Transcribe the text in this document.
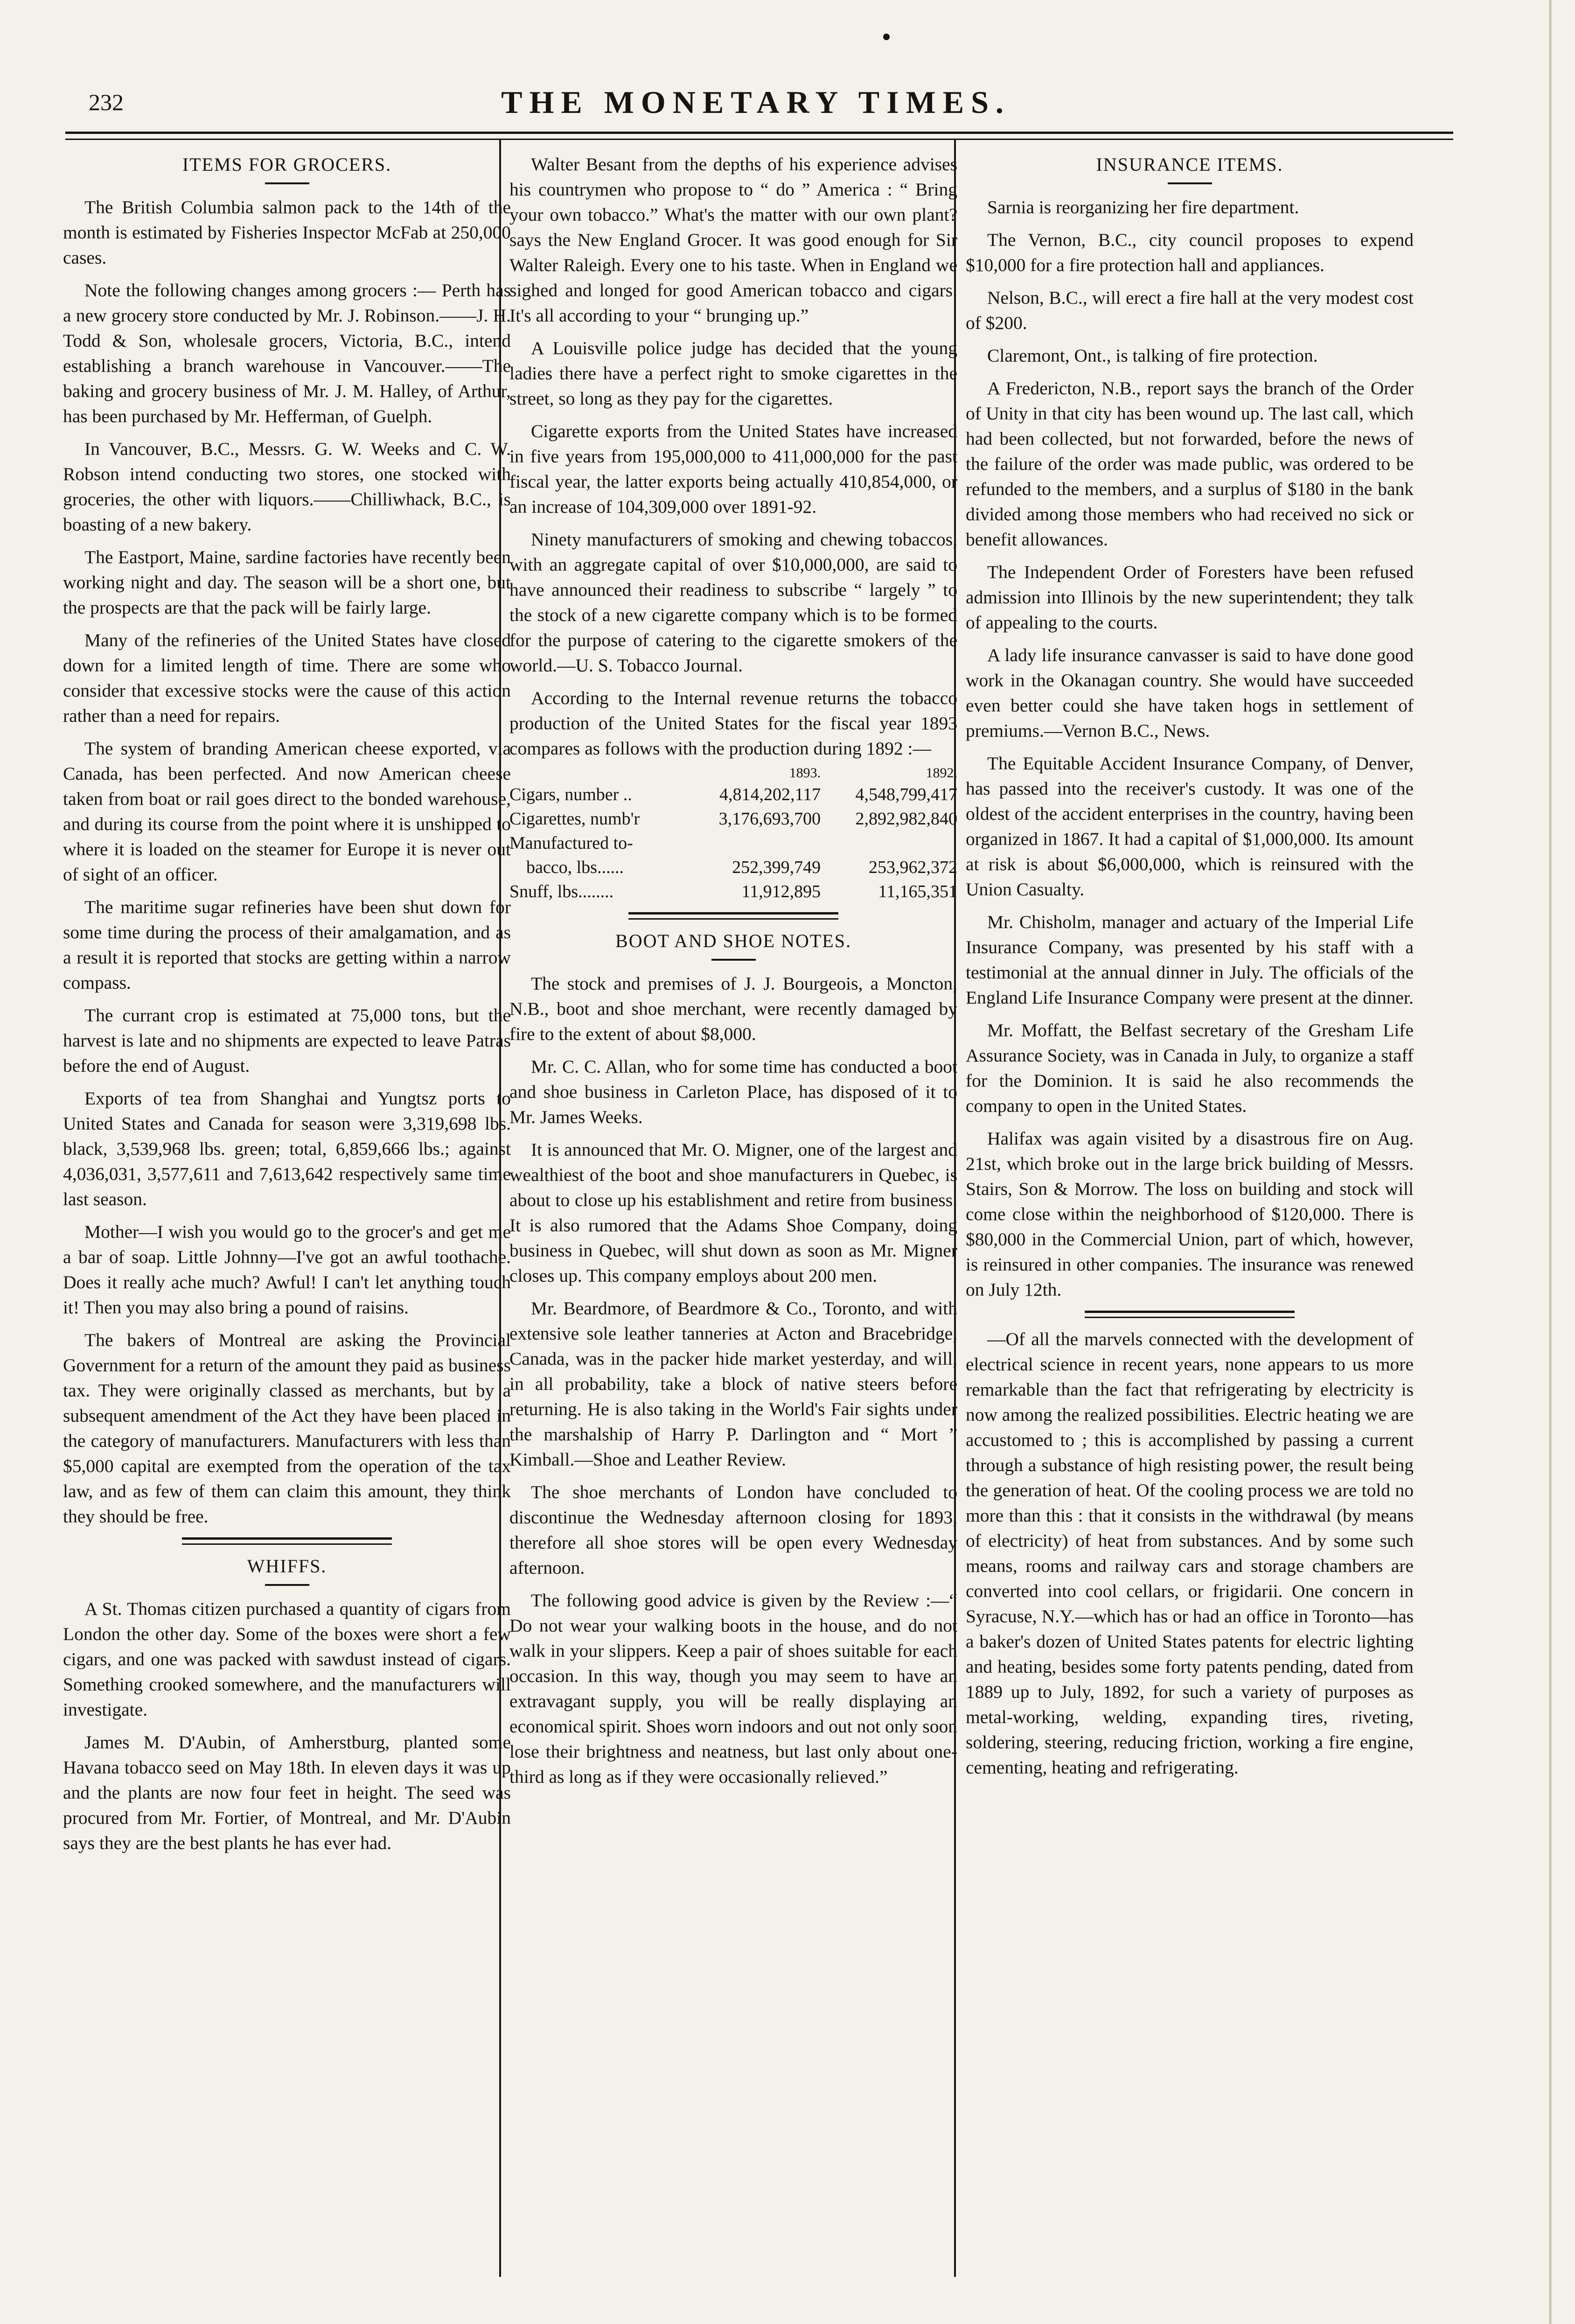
232	THE MONETARY TIMES.
ITEMS FOR GROCERS.

The British Columbia salmon pack to the 14th of the month is estimated by Fisheries Inspector McFab at 250,000 cases.

Note the following changes among grocers :— Perth has a new grocery store conducted by Mr. J. Robinson.——J. H. Todd & Son, wholesale grocers, Victoria, B.C., intend establishing a branch warehouse in Vancouver.——The baking and grocery business of Mr. J. M. Halley, of Arthur, has been purchased by Mr. Hefferman, of Guelph.

In Vancouver, B.C., Messrs. G. W. Weeks and C. W. Robson intend conducting two stores, one stocked with groceries, the other with liquors.——Chilliwhack, B.C., is boasting of a new bakery.

The Eastport, Maine, sardine factories have recently been working night and day. The season will be a short one, but the prospects are that the pack will be fairly large.

Many of the refineries of the United States have closed down for a limited length of time. There are some who consider that excessive stocks were the cause of this action rather than a need for repairs.

The system of branding American cheese exported, via Canada, has been perfected. And now American cheese taken from boat or rail goes direct to the bonded warehouse, and during its course from the point where it is unshipped to where it is loaded on the steamer for Europe it is never out of sight of an officer.

The maritime sugar refineries have been shut down for some time during the process of their amalgamation, and as a result it is reported that stocks are getting within a narrow compass.

The currant crop is estimated at 75,000 tons, but the harvest is late and no shipments are expected to leave Patras before the end of August.

Exports of tea from Shanghai and Yungtsz ports to United States and Canada for season were 3,319,698 lbs. black, 3,539,968 lbs. green; total, 6,859,666 lbs.; against 4,036,031, 3,577,611 and 7,613,642 respectively same time last season.

Mother—I wish you would go to the grocer's and get me a bar of soap. Little Johnny—I've got an awful toothache. Does it really ache much? Awful! I can't let anything touch it! Then you may also bring a pound of raisins.

The bakers of Montreal are asking the Provincial Government for a return of the amount they paid as business tax. They were originally classed as merchants, but by a subsequent amendment of the Act they have been placed in the category of manufacturers. Manufacturers with less than $5,000 capital are exempted from the operation of the tax law, and as few of them can claim this amount, they think they should be free.

WHIFFS.

A St. Thomas citizen purchased a quantity of cigars from London the other day. Some of the boxes were short a few cigars, and one was packed with sawdust instead of cigars. Something crooked somewhere, and the manufacturers will investigate.

James M. D'Aubin, of Amherstburg, planted some Havana tobacco seed on May 18th. In eleven days it was up and the plants are now four feet in height. The seed was procured from Mr. Fortier, of Montreal, and Mr. D'Aubin says they are the best plants he has ever had.

Walter Besant from the depths of his experience advises his countrymen who propose to “ do ” America : “ Bring your own tobacco.” What's the matter with our own plant? says the New England Grocer. It was good enough for Sir Walter Raleigh. Every one to his taste. When in England we sighed and longed for good American tobacco and cigars. It's all according to your “ brunging up.”

A Louisville police judge has decided that the young ladies there have a perfect right to smoke cigarettes in the street, so long as they pay for the cigarettes.

Cigarette exports from the United States have increased in five years from 195,000,000 to 411,000,000 for the past fiscal year, the latter exports being actually 410,854,000, or an increase of 104,309,000 over 1891-92.

Ninety manufacturers of smoking and chewing tobaccos, with an aggregate capital of over $10,000,000, are said to have announced their readiness to subscribe “ largely ” to the stock of a new cigarette company which is to be formed for the purpose of catering to the cigarette smokers of the world.—U. S. Tobacco Journal.

According to the Internal revenue returns the tobacco production of the United States for the fiscal year 1893 compares as follows with the production during 1892 :—

	1893.	1892.
Cigars, number ..	4,814,202,117	4,548,799,417
Cigarettes, numb'r	3,176,693,700	2,892,982,840
Manufactured to-		
bacco, lbs......	252,399,749	253,962,372
Snuff, lbs........	11,912,895	11,165,351
BOOT AND SHOE NOTES.

The stock and premises of J. J. Bourgeois, a Moncton, N.B., boot and shoe merchant, were recently damaged by fire to the extent of about $8,000.

Mr. C. C. Allan, who for some time has conducted a boot and shoe business in Carleton Place, has disposed of it to Mr. James Weeks.

It is announced that Mr. O. Migner, one of the largest and wealthiest of the boot and shoe manufacturers in Quebec, is about to close up his establishment and retire from business. It is also rumored that the Adams Shoe Company, doing business in Quebec, will shut down as soon as Mr. Migner closes up. This company employs about 200 men.

Mr. Beardmore, of Beardmore & Co., Toronto, and with extensive sole leather tanneries at Acton and Bracebridge, Canada, was in the packer hide market yesterday, and will, in all probability, take a block of native steers before returning. He is also taking in the World's Fair sights under the marshalship of Harry P. Darlington and “ Mort ” Kimball.—Shoe and Leather Review.

The shoe merchants of London have concluded to discontinue the Wednesday afternoon closing for 1893, therefore all shoe stores will be open every Wednesday afternoon.

The following good advice is given by the Review :—“ Do not wear your walking boots in the house, and do not walk in your slippers. Keep a pair of shoes suitable for each occasion. In this way, though you may seem to have an extravagant supply, you will be really displaying an economical spirit. Shoes worn indoors and out not only soon lose their brightness and neatness, but last only about one-third as long as if they were occasionally relieved.”

INSURANCE ITEMS.

Sarnia is reorganizing her fire department.

The Vernon, B.C., city council proposes to expend $10,000 for a fire protection hall and appliances.

Nelson, B.C., will erect a fire hall at the very modest cost of $200.

Claremont, Ont., is talking of fire protection.

A Fredericton, N.B., report says the branch of the Order of Unity in that city has been wound up. The last call, which had been collected, but not forwarded, before the news of the failure of the order was made public, was ordered to be refunded to the members, and a surplus of $180 in the bank divided among those members who had received no sick or benefit allowances.

The Independent Order of Foresters have been refused admission into Illinois by the new superintendent; they talk of appealing to the courts.

A lady life insurance canvasser is said to have done good work in the Okanagan country. She would have succeeded even better could she have taken hogs in settlement of premiums.—Vernon B.C., News.

The Equitable Accident Insurance Company, of Denver, has passed into the receiver's custody. It was one of the oldest of the accident enterprises in the country, having been organized in 1867. It had a capital of $1,000,000. Its amount at risk is about $6,000,000, which is reinsured with the Union Casualty.

Mr. Chisholm, manager and actuary of the Imperial Life Insurance Company, was presented by his staff with a testimonial at the annual dinner in July. The officials of the England Life Insurance Company were present at the dinner.

Mr. Moffatt, the Belfast secretary of the Gresham Life Assurance Society, was in Canada in July, to organize a staff for the Dominion. It is said he also recommends the company to open in the United States.

Halifax was again visited by a disastrous fire on Aug. 21st, which broke out in the large brick building of Messrs. Stairs, Son & Morrow. The loss on building and stock will come close within the neighborhood of $120,000. There is $80,000 in the Commercial Union, part of which, however, is reinsured in other companies. The insurance was renewed on July 12th.

—Of all the marvels connected with the development of electrical science in recent years, none appears to us more remarkable than the fact that refrigerating by electricity is now among the realized possibilities. Electric heating we are accustomed to ; this is accomplished by passing a current through a substance of high resisting power, the result being the generation of heat. Of the cooling process we are told no more than this : that it consists in the withdrawal (by means of electricity) of heat from substances. And by some such means, rooms and railway cars and storage chambers are converted into cool cellars, or frigidarii. One concern in Syracuse, N.Y.—which has or had an office in Toronto—has a baker's dozen of United States patents for electric lighting and heating, besides some forty patents pending, dated from 1889 up to July, 1892, for such a variety of purposes as metal-working, welding, expanding tires, riveting, soldering, steering, reducing friction, working a fire engine, cementing, heating and refrigerating.
